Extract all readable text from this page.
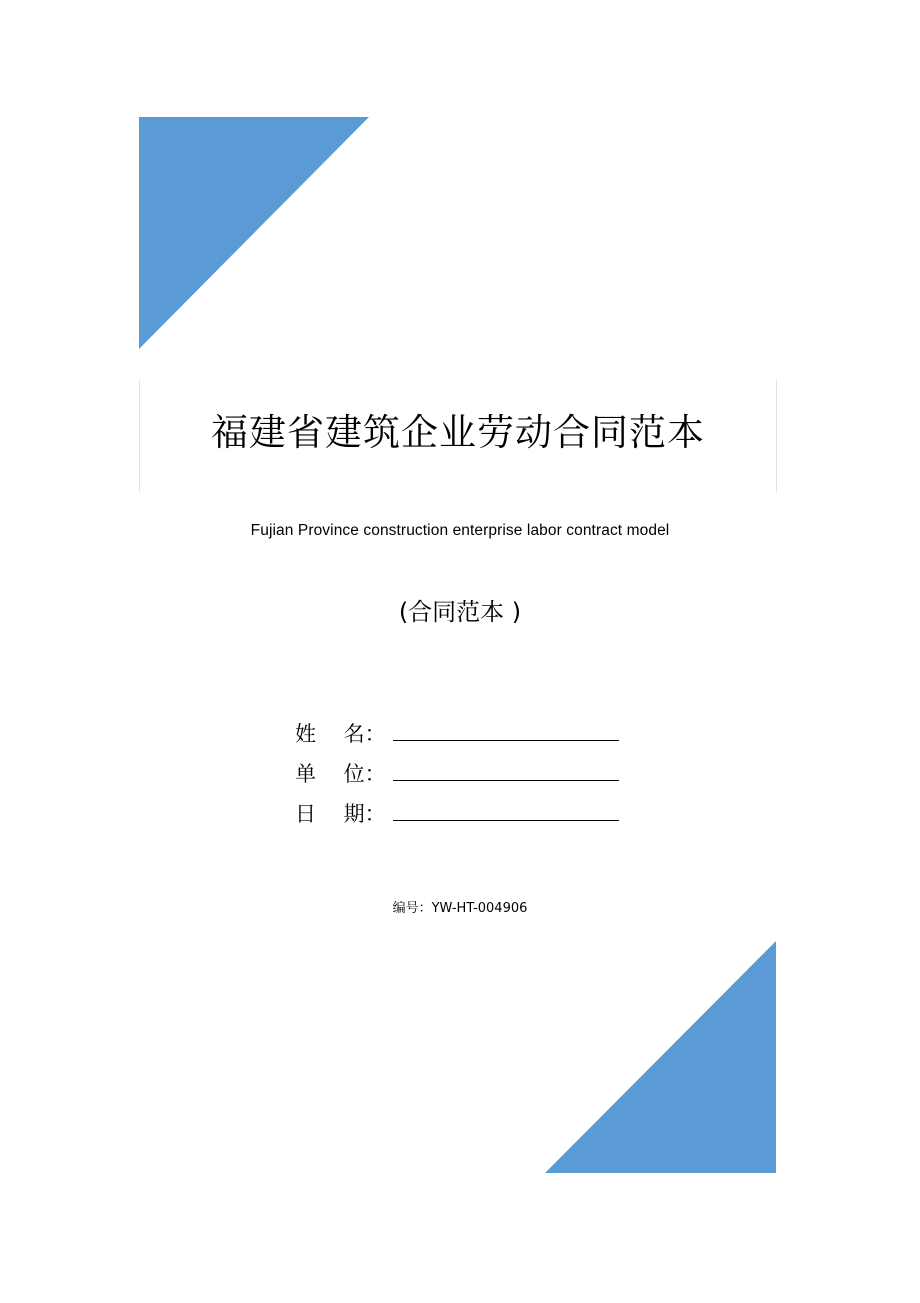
福建省建筑企业劳动合同范本
Fujian Province construction enterprise labor contract model
(合同范本 )
姓　 名：
单　 位：
日　 期：
编号：YW-HT-004906
